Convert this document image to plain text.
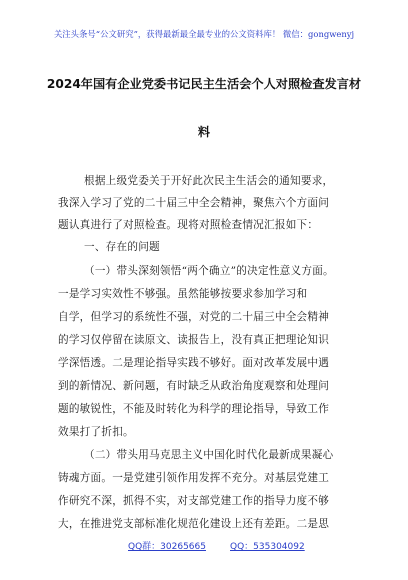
关注头条号“公文研究”，获得最新最全最专业的公文资料库！ 微信：gongwenyj
2024年国有企业党委书记民主生活会个人对照检查发言材
料
根据上级党委关于开好此次民主生活会的通知要求，
我深入学习了党的二十届三中全会精神，聚焦六个方面问
题认真进行了对照检查。现将对照检查情况汇报如下：
一、存在的问题
（一）带头深刻领悟“两个确立”的决定性意义方面。
一是学习实效性不够强。虽然能够按要求参加学习和
自学，但学习的系统性不强，对党的二十届三中全会精神
的学习仅停留在读原文、读报告上，没有真正把理论知识
学深悟透。二是理论指导实践不够好。面对改革发展中遇
到的新情况、新问题，有时缺乏从政治角度观察和处理问
题的敏锐性，不能及时转化为科学的理论指导，导致工作
效果打了折扣。
（二）带头用马克思主义中国化时代化最新成果凝心
铸魂方面。一是党建引领作用发挥不充分。对基层党建工
作研究不深，抓得不实，对支部党建工作的指导力度不够
大，在推进党支部标准化规范化建设上还有差距。二是思
QQ群：30265665	QQ：535304092
